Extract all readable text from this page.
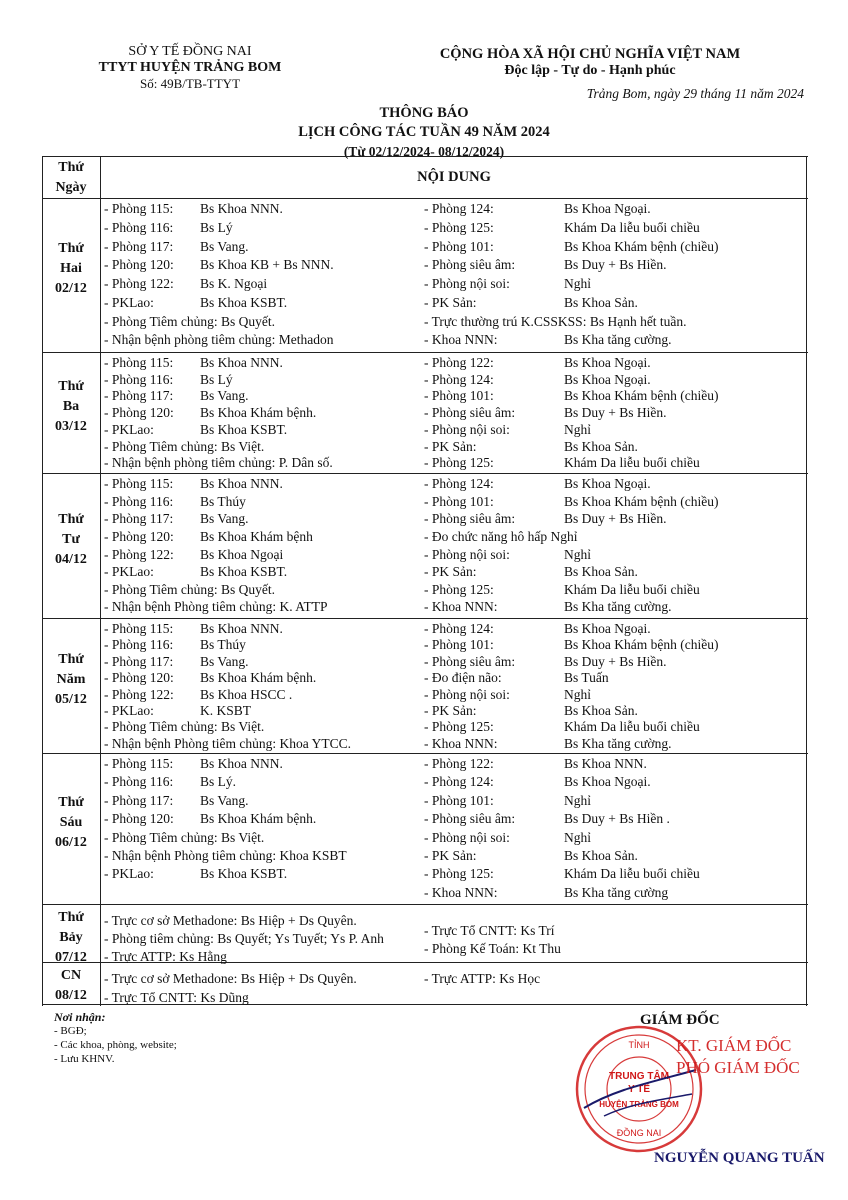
SỞ Y TẾ ĐỒNG NAI
TTYT HUYỆN TRẢNG BOM
Số: 49B/TB-TTYT
CỘNG HÒA XÃ HỘI CHỦ NGHĨA VIỆT NAM
Độc lập - Tự do - Hạnh phúc
Trảng Bom, ngày 29 tháng 11 năm 2024
THÔNG BÁO
LỊCH CÔNG TÁC TUẦN 49 NĂM 2024
(Từ 02/12/2024- 08/12/2024)
Thứ
Ngày
NỘI DUNG
Thứ
Hai
02/12
- Phòng 115: Bs Khoa NNN.
- Phòng 116: Bs Lý
- Phòng 117: Bs Vang.
- Phòng 120: Bs Khoa KB + Bs NNN.
- Phòng 122: Bs K. Ngoại
- PKLao:	Bs Khoa KSBT.
- Phòng Tiêm chủng: Bs Quyết.
- Nhận bệnh phòng tiêm chủng: Methadon
- Phòng 124:	Bs Khoa Ngoại.
- Phòng 125:	Khám Da liễu buổi chiều
- Phòng 101:	Bs Khoa Khám bệnh (chiều)
- Phòng siêu âm:	Bs Duy + Bs Hiền.
- Phòng nội soi:	Nghỉ
- PK Sản:	Bs Khoa Sản.
- Trực thường trú K.CSSKSS: Bs Hạnh hết tuần.
- Khoa NNN:	Bs Kha tăng cường.
Thứ
Ba
03/12
- Phòng 115: Bs Khoa NNN.
- Phòng 116: Bs Lý
- Phòng 117: Bs Vang.
- Phòng 120: Bs Khoa Khám bệnh.
- PKLao:	Bs Khoa KSBT.
- Phòng Tiêm chủng: Bs Việt.
- Nhận bệnh phòng tiêm chủng: P. Dân số.
- Phòng 122:	Bs Khoa Ngoại.
- Phòng 124:	Bs Khoa Ngoại.
- Phòng 101:	Bs Khoa Khám bệnh (chiều)
- Phòng siêu âm:	Bs Duy + Bs Hiền.
- Phòng nội soi:	Nghỉ
- PK Sản:	Bs Khoa Sản.
- Phòng 125:	Khám Da liễu buổi chiều
Thứ
Tư
04/12
- Phòng 115: Bs Khoa NNN.
- Phòng 116: Bs Thúy
- Phòng 117: Bs Vang.
- Phòng 120: Bs Khoa Khám bệnh
- Phòng 122: Bs Khoa Ngoại
- PKLao:	Bs Khoa KSBT.
- Phòng Tiêm chủng: Bs Quyết.
- Nhận bệnh Phòng tiêm chủng: K. ATTP
- Phòng 124:	Bs Khoa Ngoại.
- Phòng 101:	Bs Khoa Khám bệnh (chiều)
- Phòng siêu âm:	Bs Duy + Bs Hiền.
- Đo chức năng hô hấp Nghỉ
- Phòng nội soi:	Nghỉ
- PK Sản:	Bs Khoa Sản.
- Phòng 125:	Khám Da liễu buổi chiều
- Khoa NNN:	Bs Kha tăng cường.
Thứ
Năm
05/12
- Phòng 115: Bs Khoa NNN.
- Phòng 116: Bs Thúy
- Phòng 117: Bs Vang.
- Phòng 120: Bs Khoa Khám bệnh.
- Phòng 122: Bs Khoa HSCC .
- PKLao:	K. KSBT
- Phòng Tiêm chủng: Bs Việt.
- Nhận bệnh Phòng tiêm chủng: Khoa YTCC.
- Phòng 124:	Bs Khoa Ngoại.
- Phòng 101:	Bs Khoa Khám bệnh (chiều)
- Phòng siêu âm:	Bs Duy + Bs Hiền.
- Đo điện não:	Bs Tuấn
- Phòng nội soi:	Nghỉ
- PK Sản:	Bs Khoa Sản.
- Phòng 125:	Khám Da liễu buổi chiều
- Khoa NNN:	Bs Kha tăng cường.
Thứ
Sáu
06/12
- Phòng 115: Bs Khoa NNN.
- Phòng 116: Bs Lý.
- Phòng 117: Bs Vang.
- Phòng 120: Bs Khoa Khám bệnh.
- Phòng Tiêm chủng: Bs Việt.
- Nhận bệnh Phòng tiêm chủng: Khoa KSBT
- PKLao:	Bs Khoa KSBT.
- Phòng 122:	Bs Khoa NNN.
- Phòng 124:	Bs Khoa Ngoại.
- Phòng 101:	Nghỉ
- Phòng siêu âm:	Bs Duy + Bs Hiền .
- Phòng nội soi:	Nghỉ
- PK Sản:	Bs Khoa Sản.
- Phòng 125:	Khám Da liễu buổi chiều
- Khoa NNN:	Bs Kha tăng cường
Thứ
Bảy
07/12
- Trực cơ sở Methadone: Bs Hiệp + Ds Quyên.
- Phòng tiêm chủng: Bs Quyết; Ys Tuyết; Ys P. Anh
- Trực ATTP: Ks Hằng
- Trực Tổ CNTT: Ks Trí
- Phòng Kế Toán: Kt Thu
CN
08/12
- Trực cơ sở Methadone: Bs Hiệp + Ds Quyên.
- Trực Tổ CNTT: Ks Dũng
- Trực ATTP: Ks Học
Nơi nhận:
- BGĐ;
- Các khoa, phòng, website;
- Lưu KHNV.
GIÁM ĐỐC
TỈNH
TRUNG TÂM
Y TẾ
HUYỆN TRẢNG BOM
ĐỒNG NAI
KT. GIÁM ĐỐC
PHÓ GIÁM ĐỐC
NGUYỄN QUANG TUẤN
